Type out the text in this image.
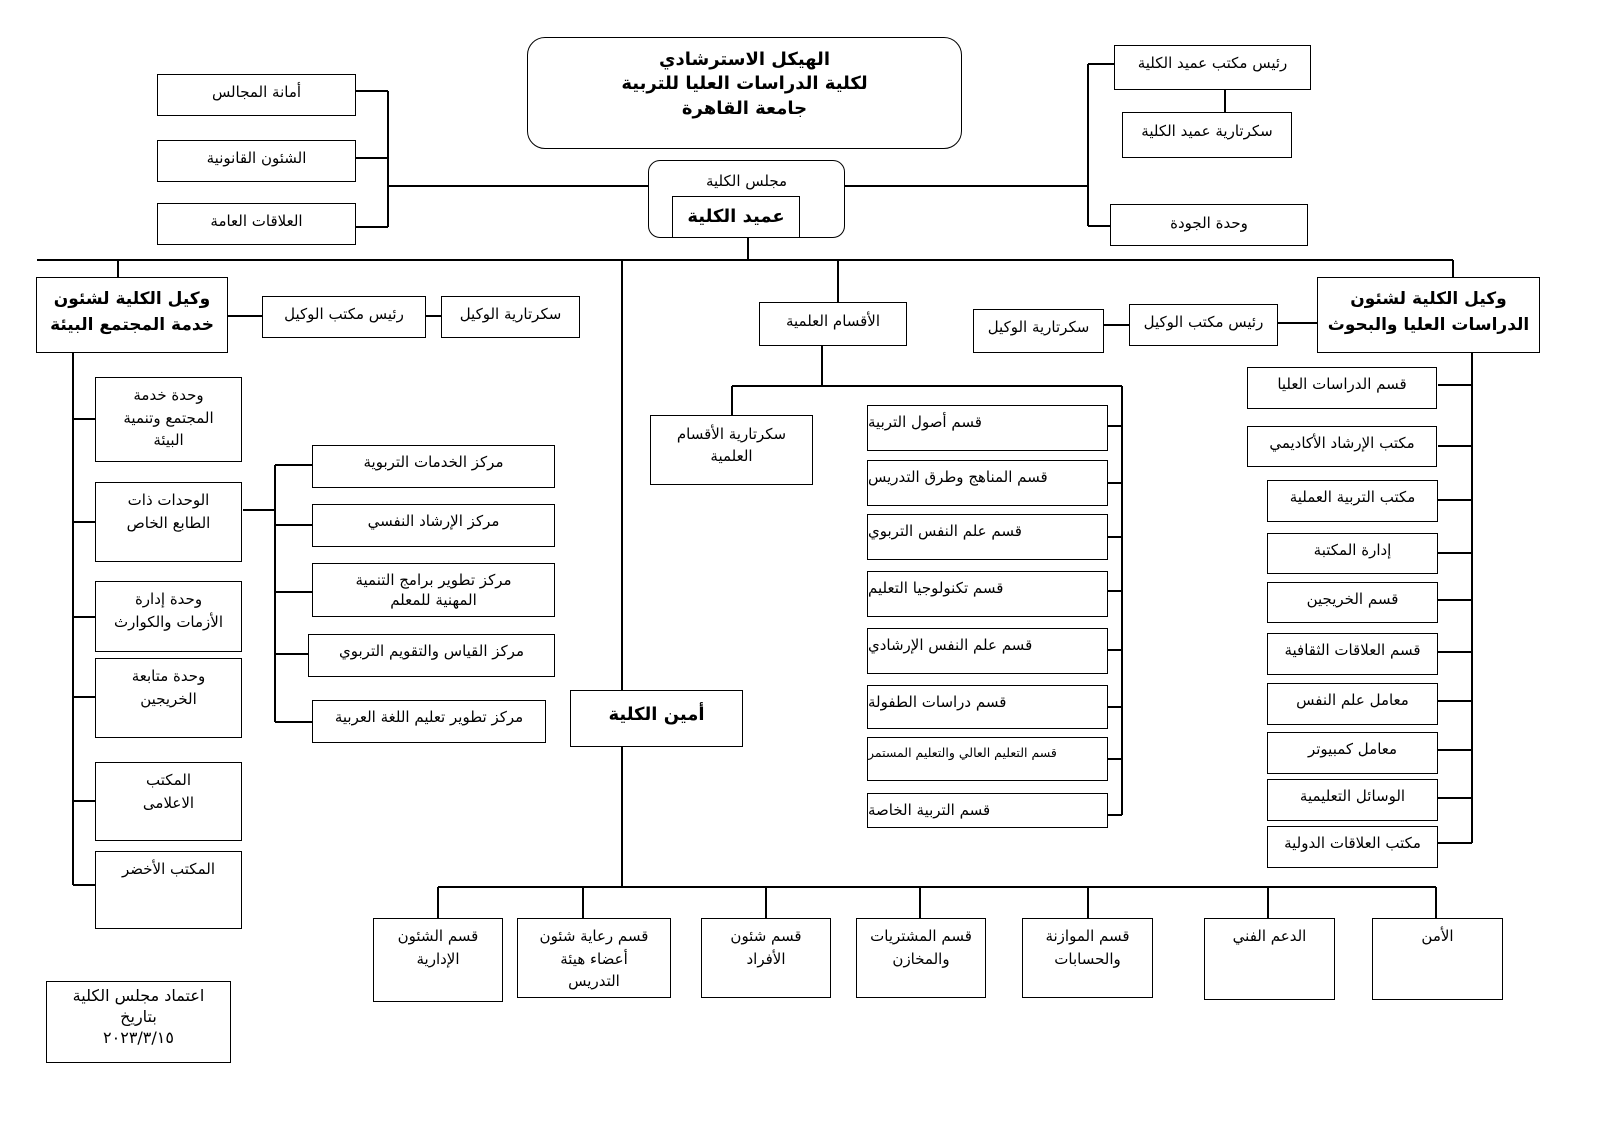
الهيكل الاسترشادي
لكلية الدراسات العليا للتربية
جامعة القاهرة
مجلس الكلية
عميد الكلية
أمانة المجالس
الشئون القانونية
العلاقات العامة
رئيس مكتب عميد الكلية
سكرتارية عميد الكلية
وحدة الجودة
وكيل الكلية لشئون
الدراسات العليا والبحوث
رئيس مكتب الوكيل
سكرتارية الوكيل
قسم الدراسات العليا
مكتب الإرشاد الأكاديمي
مكتب التربية العملية
إدارة المكتبة
قسم الخريجين
قسم العلاقات الثقافية
معامل علم النفس
معامل كمبيوتر
الوسائل التعليمية
مكتب العلاقات الدولية
وكيل الكلية لشئون
خدمة المجتمع البيئة
رئيس مكتب الوكيل	سكرتارية الوكيل
وحدة خدمة
المجتمع وتنمية
البيئة
الوحدات ذات
الطابع الخاص
وحدة إدارة
الأزمات والكوارث
وحدة متابعة
الخريجين
المكتب
الاعلامى
المكتب الأخضر
مركز الخدمات التربوية
مركز الإرشاد النفسي
مركز تطوير برامج التنمية
المهنية للمعلم
مركز القياس والتقويم التربوي
مركز تطوير تعليم اللغة العربية
الأقسام العلمية
سكرتارية الأقسام
العلمية
قسم أصول التربية
قسم المناهج وطرق التدريس
قسم علم النفس التربوي
قسم تكنولوجيا التعليم
قسم علم النفس الإرشادي
قسم دراسات الطفولة
قسم التعليم العالي والتعليم المستمر
قسم التربية الخاصة
أمين الكلية
قسم الشئون
الإدارية
قسم رعاية شئون
أعضاء هيئة
التدريس
قسم شئون
الأفراد
قسم المشتريات
والمخازن
قسم الموازنة
والحسابات
الدعم الفني	الأمن
اعتماد مجلس الكلية
بتاريخ
٢٠٢٣/٣/١٥
